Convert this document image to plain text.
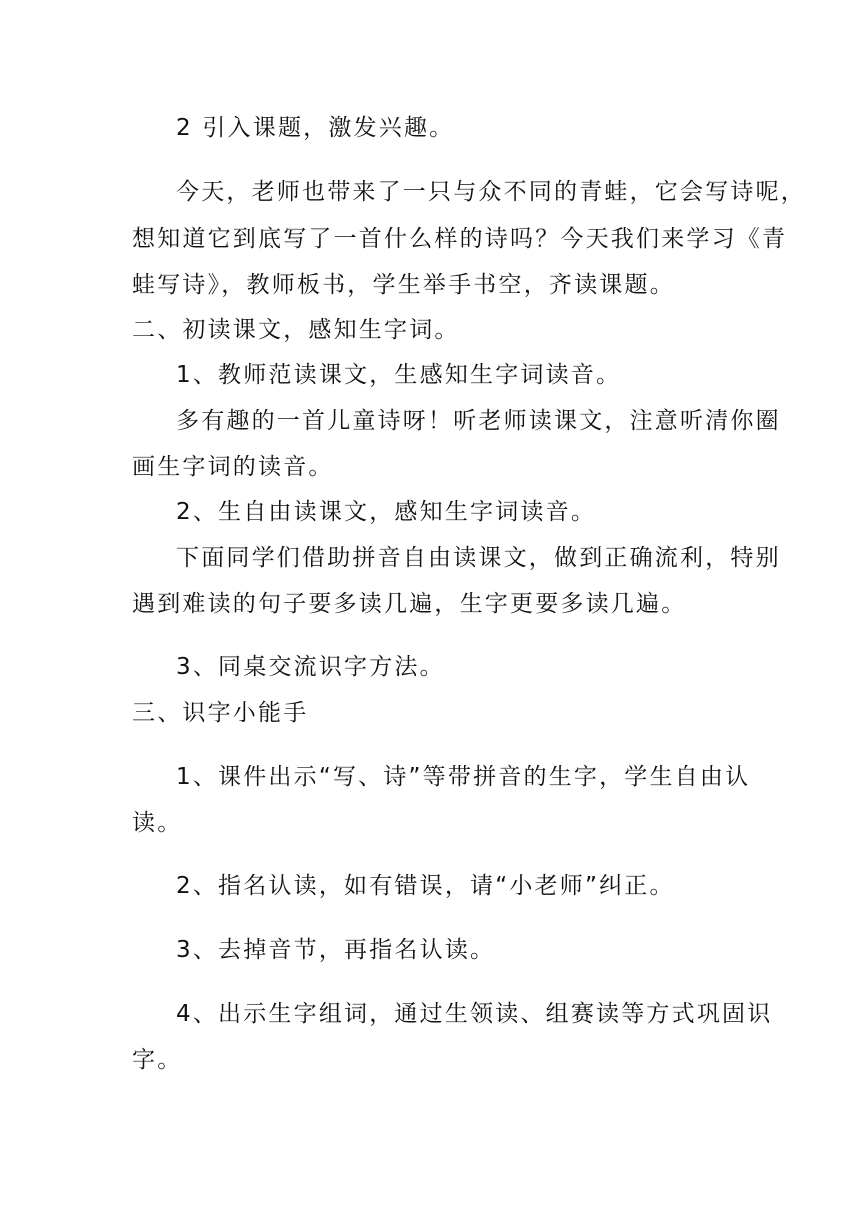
2 引入课题，激发兴趣。
今天，老师也带来了一只与众不同的青蛙，它会写诗呢，
想知道它到底写了一首什么样的诗吗？今天我们来学习《青
蛙写诗》，教师板书，学生举手书空，齐读课题。
二、初读课文，感知生字词。
1、教师范读课文，生感知生字词读音。
多有趣的一首儿童诗呀！听老师读课文，注意听清你圈
画生字词的读音。
2、生自由读课文，感知生字词读音。
下面同学们借助拼音自由读课文，做到正确流利，特别
遇到难读的句子要多读几遍，生字更要多读几遍。
3、同桌交流识字方法。
三、识字小能手
1、课件出示“写、诗”等带拼音的生字，学生自由认
读。
2、指名认读，如有错误，请“小老师”纠正。
3、去掉音节，再指名认读。
4、出示生字组词，通过生领读、组赛读等方式巩固识
字。
